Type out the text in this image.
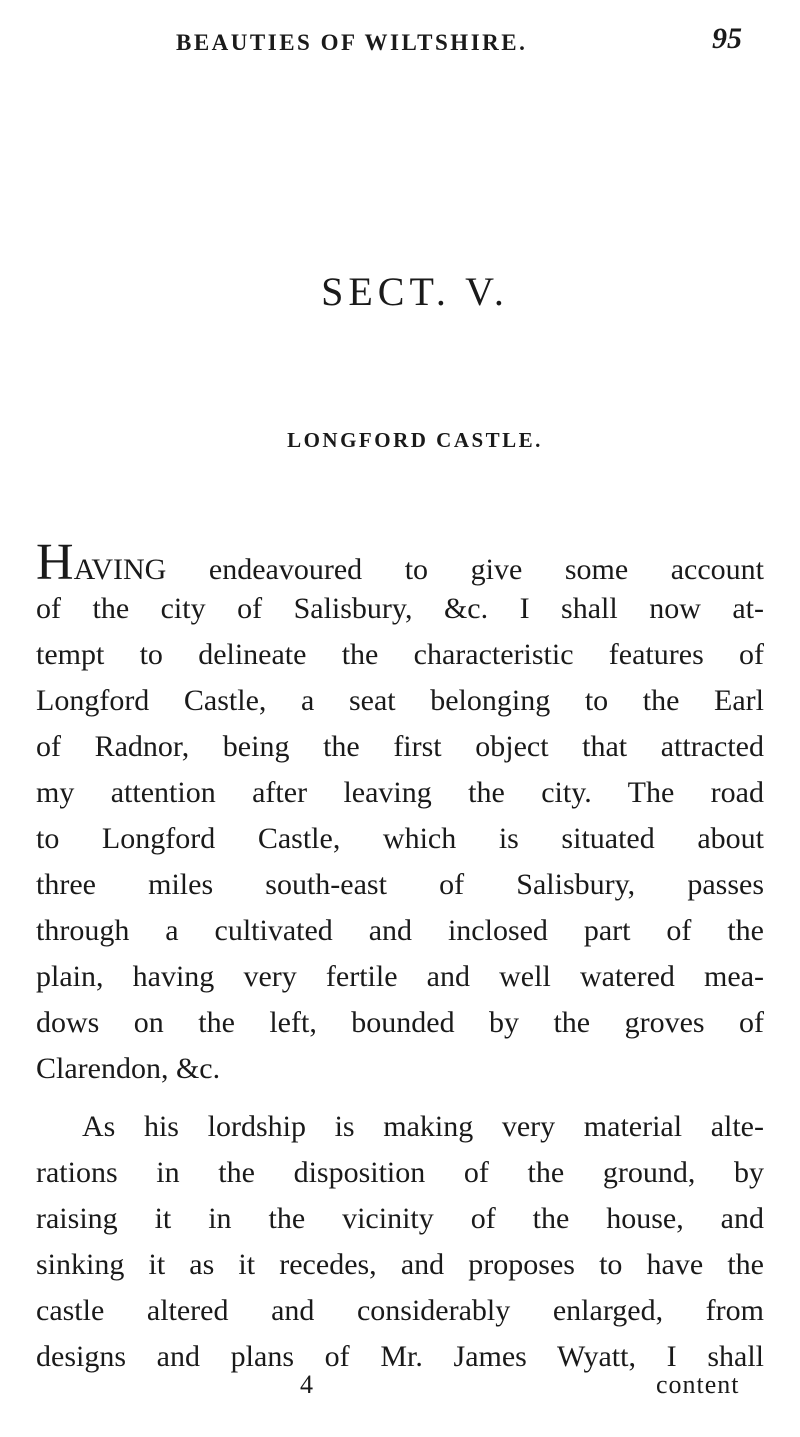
BEAUTIES OF WILTSHIRE.	95
SECT. V.
LONGFORD CASTLE.
HAVING endeavoured to give some account
of the city of Salisbury, &c. I shall now at-
tempt to delineate the characteristic features of
Longford Castle, a seat belonging to the Earl
of Radnor, being the first object that attracted
my attention after leaving the city. The road
to Longford Castle, which is situated about
three miles south-east of Salisbury, passes
through a cultivated and inclosed part of the
plain, having very fertile and well watered mea-
dows on the left, bounded by the groves of
Clarendon, &c.
As his lordship is making very material alte-
rations in the disposition of the ground, by
raising it in the vicinity of the house, and
sinking it as it recedes, and proposes to have the
castle altered and considerably enlarged, from
designs and plans of Mr. James Wyatt, I shall
4	content
